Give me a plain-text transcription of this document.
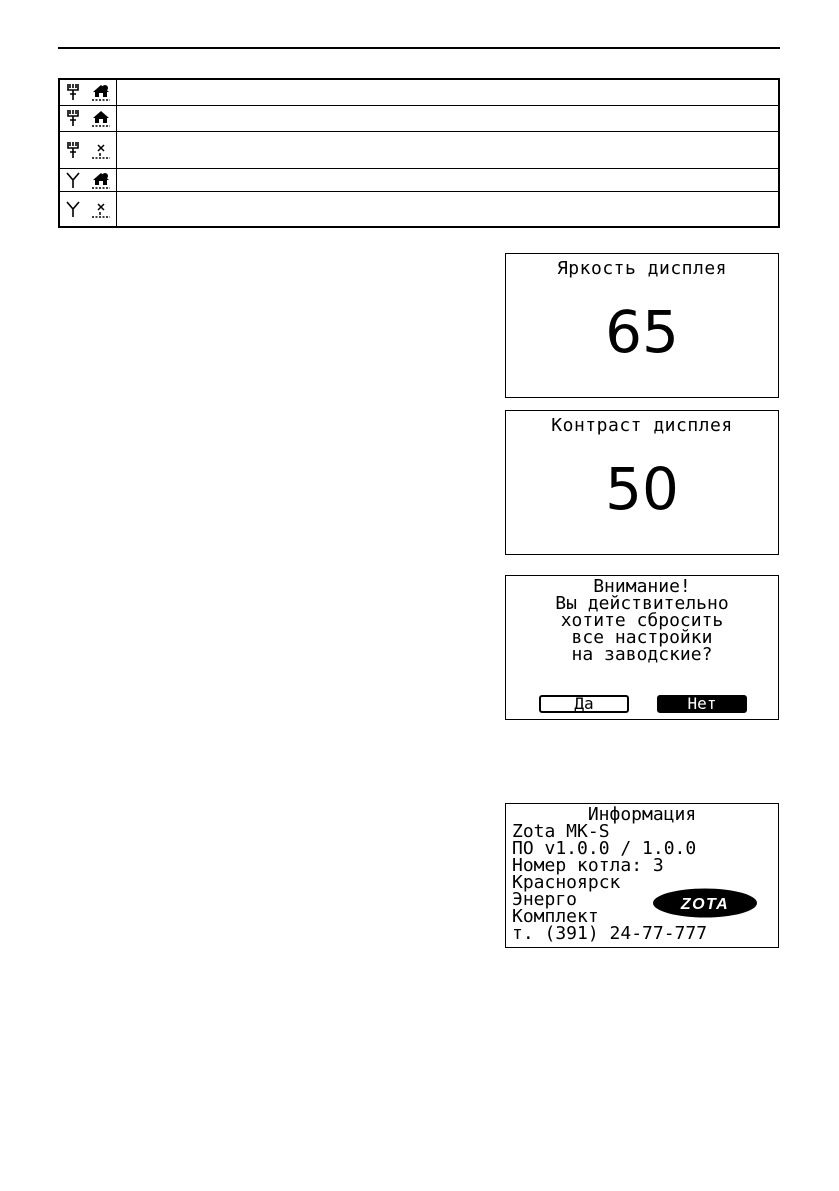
Яркость дисплея
65
Контраст дисплея
50
Внимание!
Вы действительно
хотите сбросить
все настройки
на заводские?
Да	Нет
Информация
Zota MK-S
ПО v1.0.0 / 1.0.0
Номер котла: 3
Красноярск
Энерго
Комплект
т. (391) 24-77-777
ZOTA
